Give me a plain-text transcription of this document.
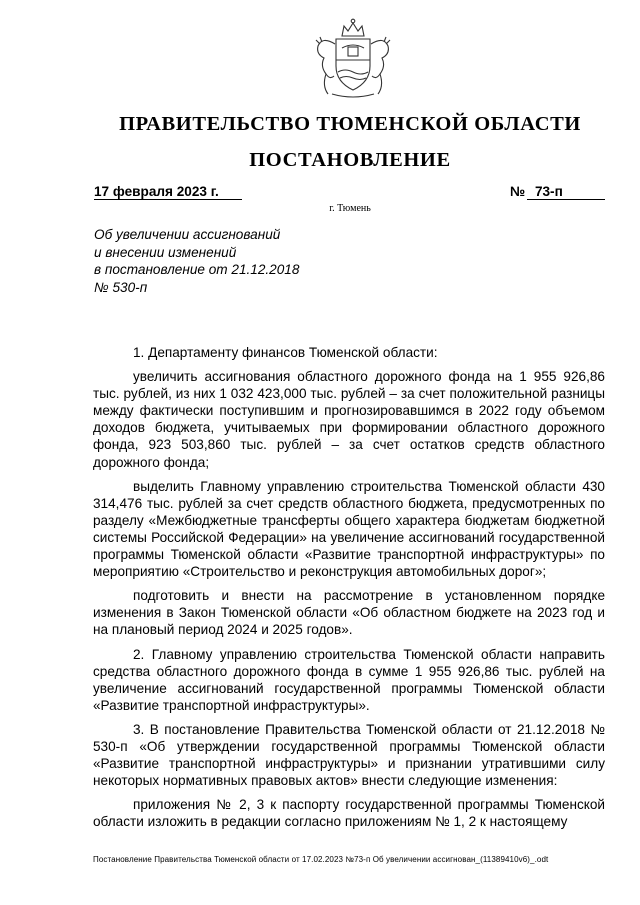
ПРАВИТЕЛЬСТВО ТЮМЕНСКОЙ ОБЛАСТИ
ПОСТАНОВЛЕНИЕ
17 февраля 2023 г.	№ 73-п
г. Тюмень
Об увеличении ассигнований
и внесении изменений
в постановление от 21.12.2018
№ 530-п

1. Департаменту финансов Тюменской области:

увеличить ассигнования областного дорожного фонда на 1 955 926,86 тыс. рублей, из них 1 032 423,000 тыс. рублей – за счет положительной разницы между фактически поступившим и прогнозировавшимся в 2022 году объемом доходов бюджета, учитываемых при формировании областного дорожного фонда, 923 503,860 тыс. рублей – за счет остатков средств областного дорожного фонда;

выделить Главному управлению строительства Тюменской области 430 314,476 тыс. рублей за счет средств областного бюджета, предусмотренных по разделу «Межбюджетные трансферты общего характера бюджетам бюджетной системы Российской Федерации» на увеличение ассигнований государственной программы Тюменской области «Развитие транспортной инфраструктуры» по мероприятию «Строительство и реконструкция автомобильных дорог»;

подготовить и внести на рассмотрение в установленном порядке изменения в Закон Тюменской области «Об областном бюджете на 2023 год и на плановый период 2024 и 2025 годов».

2. Главному управлению строительства Тюменской области направить средства областного дорожного фонда в сумме 1 955 926,86 тыс. рублей на увеличение ассигнований государственной программы Тюменской области «Развитие транспортной инфраструктуры».

3. В постановление Правительства Тюменской области от 21.12.2018 № 530-п «Об утверждении государственной программы Тюменской области «Развитие транспортной инфраструктуры» и признании утратившими силу некоторых нормативных правовых актов» внести следующие изменения:

приложения № 2, 3 к паспорту государственной программы Тюменской области изложить в редакции согласно приложениям № 1, 2 к настоящему

Постановление Правительства Тюменской области от 17.02.2023 №73-п Об увеличении ассигнован_(11389410v6)_.odt
